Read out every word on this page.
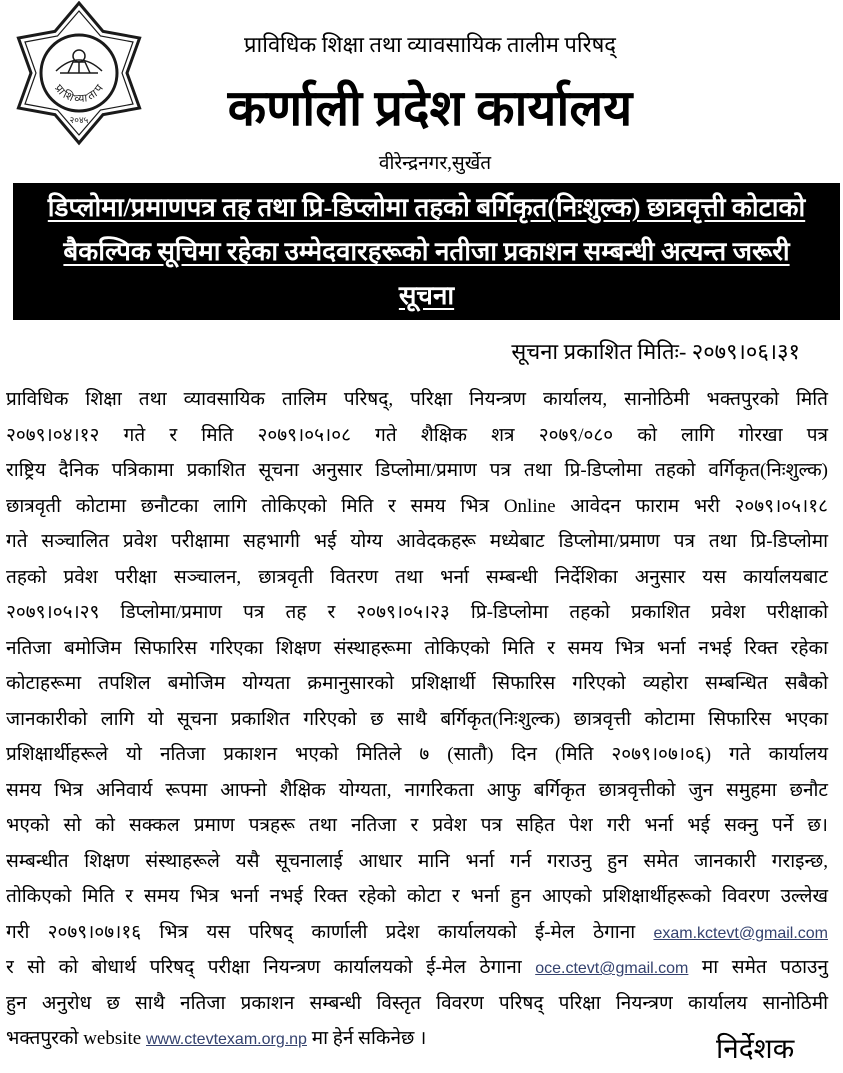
प्रा शि व्या ता प
२०४५
प्राविधिक शिक्षा तथा व्यावसायिक तालीम परिषद्
कर्णाली प्रदेश कार्यालय
वीरेन्द्रनगर,सुर्खेत
डिप्लोमा/प्रमाणपत्र तह तथा प्रि-डिप्लोमा तहको बर्गिकृत(निःशुल्क) छात्रवृत्ती कोटाको
बैकल्पिक सूचिमा रहेका उम्मेदवारहरूको नतीजा प्रकाशन सम्बन्धी अत्यन्त जरूरी
सूचना
सूचना प्रकाशित मितिः- २०७९।०६।३१
प्राविधिक शिक्षा तथा व्यावसायिक तालिम परिषद्, परिक्षा नियन्त्रण कार्यालय, सानोठिमी भक्तपुरको मिति
२०७९।०४।१२ गते र मिति २०७९।०५।०८ गते शैक्षिक शत्र २०७९/०८० को लागि गोरखा पत्र
राष्ट्रिय दैनिक पत्रिकामा प्रकाशित सूचना अनुसार डिप्लोमा/प्रमाण पत्र तथा प्रि-डिप्लोमा तहको वर्गिकृत(निःशुल्क)
छात्रवृती कोटामा छनौटका लागि तोकिएको मिति र समय भित्र Online आवेदन फाराम भरी २०७९।०५।१८
गते सञ्चालित प्रवेश परीक्षामा सहभागी भई योग्य आवेदकहरू मध्येबाट डिप्लोमा/प्रमाण पत्र तथा प्रि-डिप्लोमा
तहको प्रवेश परीक्षा सञ्चालन, छात्रवृती वितरण तथा भर्ना सम्बन्धी निर्देशिका अनुसार यस कार्यालयबाट
२०७९।०५।२९ डिप्लोमा/प्रमाण पत्र तह र २०७९।०५।२३ प्रि-डिप्लोमा तहको प्रकाशित प्रवेश परीक्षाको
नतिजा बमोजिम सिफारिस गरिएका शिक्षण संस्थाहरूमा तोकिएको मिति र समय भित्र भर्ना नभई रिक्त रहेका
कोटाहरूमा तपशिल बमोजिम योग्यता क्रमानुसारको प्रशिक्षार्थी सिफारिस गरिएको व्यहोरा सम्बन्धित सबैको
जानकारीको लागि यो सूचना प्रकाशित गरिएको छ साथै बर्गिकृत(निःशुल्क) छात्रवृत्ती कोटामा सिफारिस भएका
प्रशिक्षार्थीहरूले यो नतिजा प्रकाशन भएको मितिले ७ (सातौ) दिन (मिति २०७९।०७।०६) गते कार्यालय
समय भित्र अनिवार्य रूपमा आफ्नो शैक्षिक योग्यता, नागरिकता आफु बर्गिकृत छात्रवृत्तीको जुन समुहमा छनौट
भएको सो को सक्कल प्रमाण पत्रहरू तथा नतिजा र प्रवेश पत्र सहित पेश गरी भर्ना भई सक्नु पर्ने छ।
सम्बन्धीत शिक्षण संस्थाहरूले यसै सूचनालाई आधार मानि भर्ना गर्न गराउनु हुन समेत जानकारी गराइन्छ,
तोकिएको मिति र समय भित्र भर्ना नभई रिक्त रहेको कोटा र भर्ना हुन आएको प्रशिक्षार्थीहरूको विवरण उल्लेख
गरी २०७९।०७।१६ भित्र यस परिषद् कार्णाली प्रदेश कार्यालयको ई-मेल ठेगाना exam.kctevt@gmail.com
र सो को बोधार्थ परिषद् परीक्षा नियन्त्रण कार्यालयको ई-मेल ठेगाना oce.ctevt@gmail.com मा समेत पठाउनु
हुन अनुरोध छ साथै नतिजा प्रकाशन सम्बन्धी विस्तृत विवरण परिषद् परिक्षा नियन्त्रण कार्यालय सानोठिमी
भक्तपुरको website www.ctevtexam.org.np मा हेर्न सकिनेछ ।	निर्देशक
